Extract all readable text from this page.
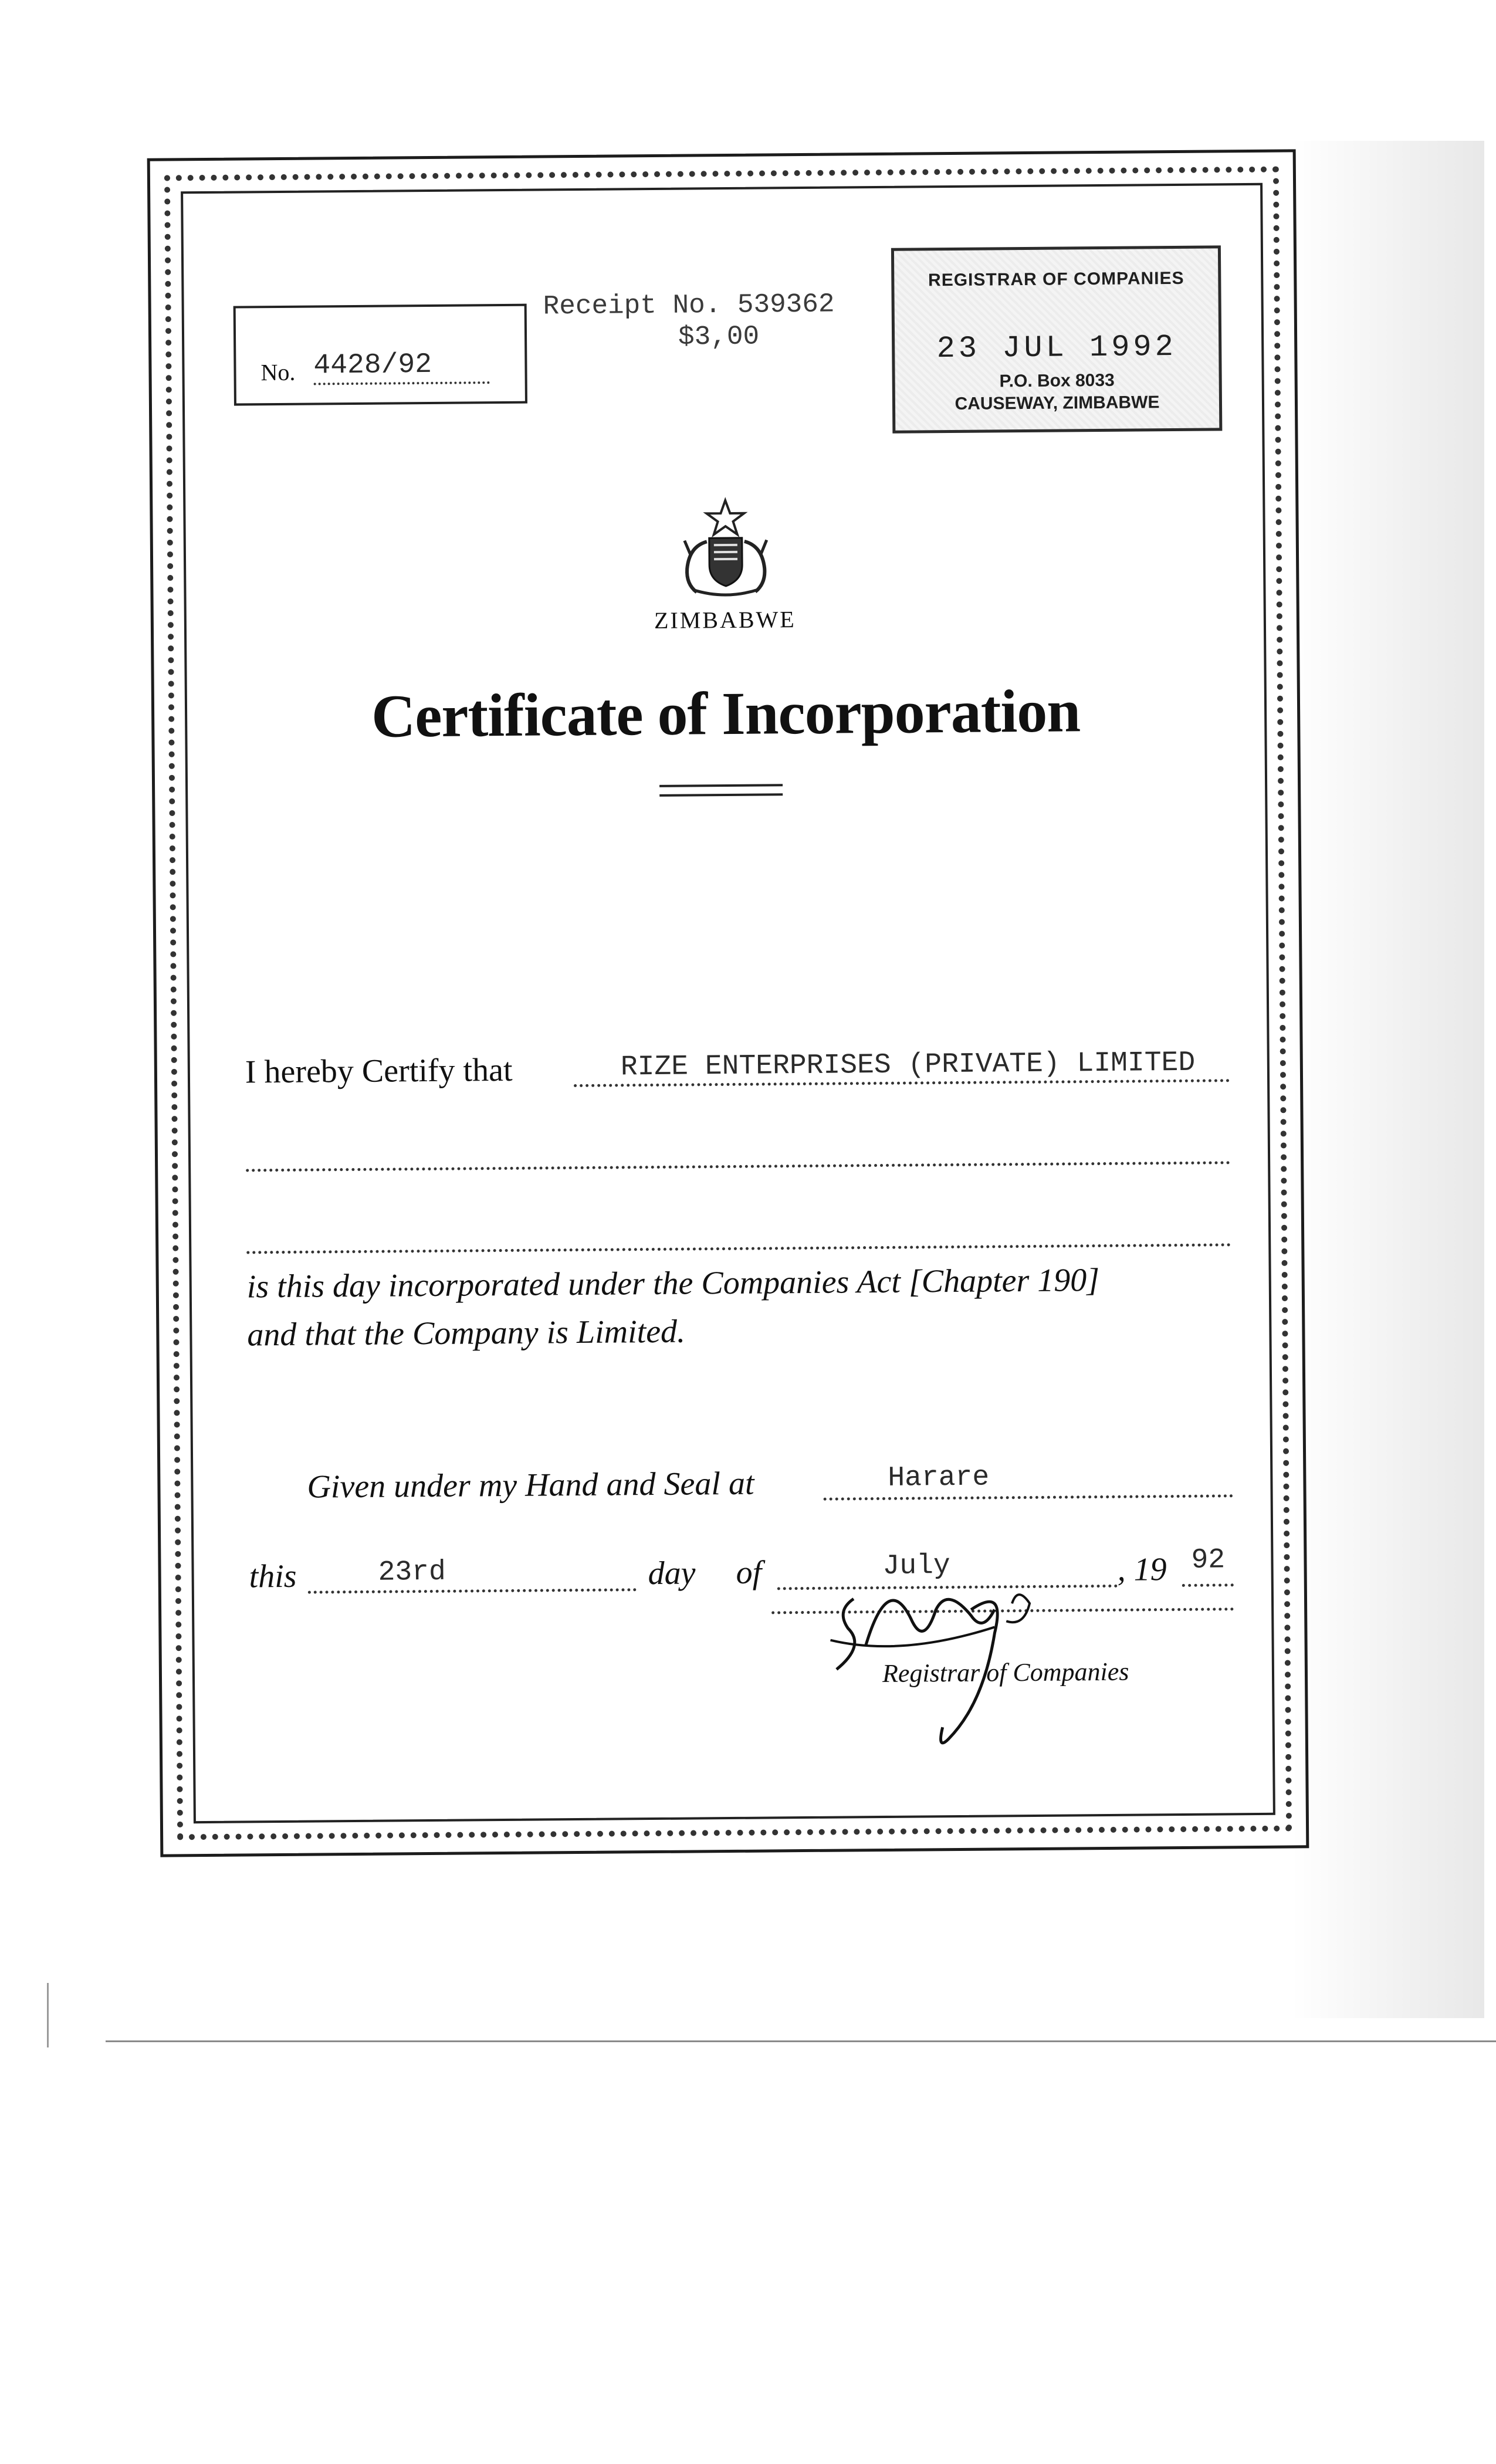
No. 4428/92
Receipt No. 539362
$3,00
REGISTRAR OF COMPANIES
23 JUL 1992
P.O. Box 8033
CAUSEWAY, ZIMBABWE
ZIMBABWE
Certificate of Incorporation
I hereby Certify that	RIZE ENTERPRISES (PRIVATE) LIMITED
is this day incorporated under the Companies Act [Chapter 190]
and that the Company is Limited.
Given under my Hand and Seal at	Harare
this	23rd	day of	July	, 19 92
Registrar of Companies
